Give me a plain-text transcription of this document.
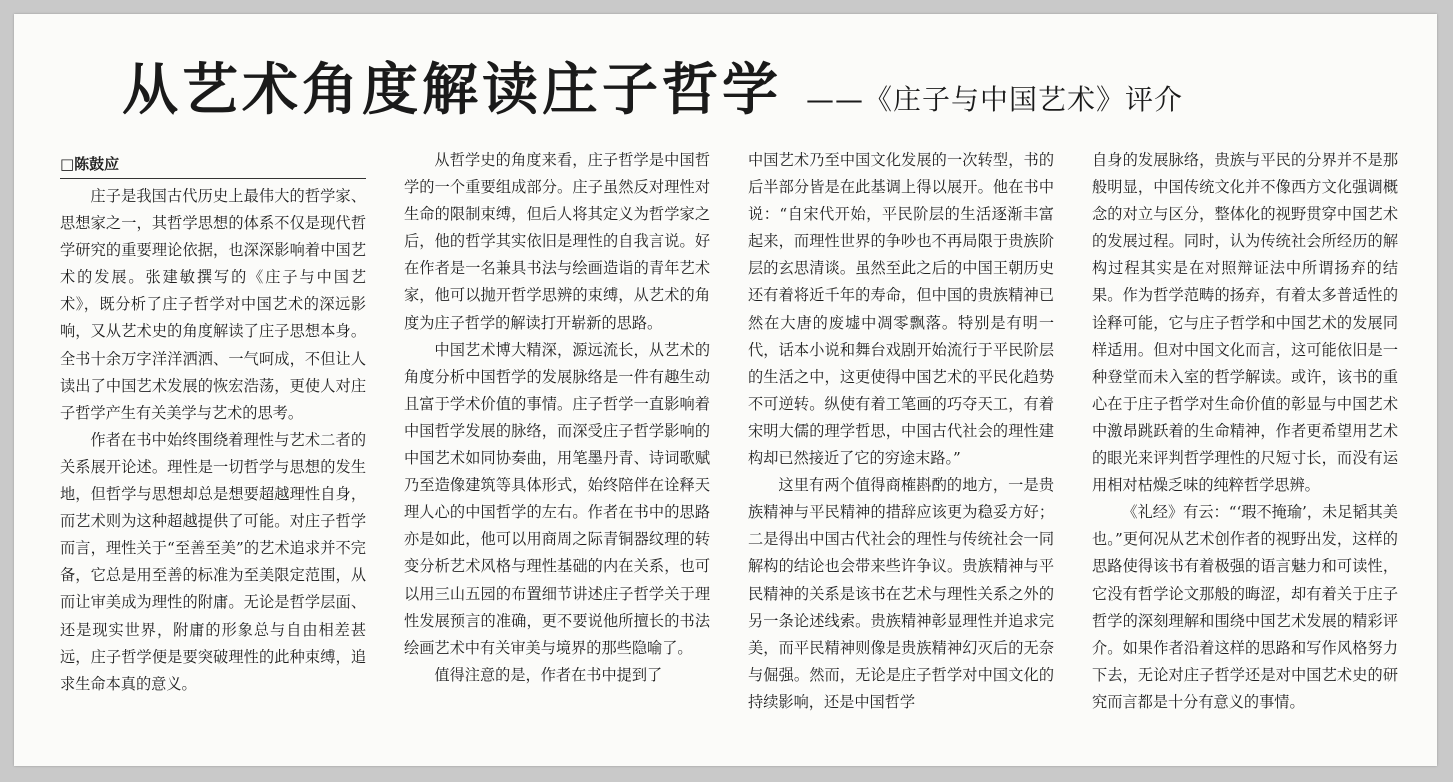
从艺术角度解读庄子哲学 ——《庄子与中国艺术》评介
□陈鼓应

庄子是我国古代历史上最伟大的哲学家、思想家之一，其哲学思想的体系不仅是现代哲学研究的重要理论依据，也深深影响着中国艺术的发展。张建敏撰写的《庄子与中国艺术》，既分析了庄子哲学对中国艺术的深远影响，又从艺术史的角度解读了庄子思想本身。全书十余万字洋洋洒洒、一气呵成，不但让人读出了中国艺术发展的恢宏浩荡，更使人对庄子哲学产生有关美学与艺术的思考。

作者在书中始终围绕着理性与艺术二者的关系展开论述。理性是一切哲学与思想的发生地，但哲学与思想却总是想要超越理性自身，而艺术则为这种超越提供了可能。对庄子哲学而言，理性关于“至善至美”的艺术追求并不完备，它总是用至善的标准为至美限定范围，从而让审美成为理性的附庸。无论是哲学层面、还是现实世界，附庸的形象总与自由相差甚远，庄子哲学便是要突破理性的此种束缚，追求生命本真的意义。

从哲学史的角度来看，庄子哲学是中国哲学的一个重要组成部分。庄子虽然反对理性对生命的限制束缚，但后人将其定义为哲学家之后，他的哲学其实依旧是理性的自我言说。好在作者是一名兼具书法与绘画造诣的青年艺术家，他可以抛开哲学思辨的束缚，从艺术的角度为庄子哲学的解读打开崭新的思路。

中国艺术博大精深，源远流长，从艺术的角度分析中国哲学的发展脉络是一件有趣生动且富于学术价值的事情。庄子哲学一直影响着中国哲学发展的脉络，而深受庄子哲学影响的中国艺术如同协奏曲，用笔墨丹青、诗词歌赋乃至造像建筑等具体形式，始终陪伴在诠释天理人心的中国哲学的左右。作者在书中的思路亦是如此，他可以用商周之际青铜器纹理的转变分析艺术风格与理性基础的内在关系，也可以用三山五园的布置细节讲述庄子哲学关于理性发展预言的准确，更不要说他所擅长的书法绘画艺术中有关审美与境界的那些隐喻了。

值得注意的是，作者在书中提到了

中国艺术乃至中国文化发展的一次转型，书的后半部分皆是在此基调上得以展开。他在书中说：“自宋代开始，平民阶层的生活逐渐丰富起来，而理性世界的争吵也不再局限于贵族阶层的玄思清谈。虽然至此之后的中国王朝历史还有着将近千年的寿命，但中国的贵族精神已然在大唐的废墟中凋零飘落。特别是有明一代，话本小说和舞台戏剧开始流行于平民阶层的生活之中，这更使得中国艺术的平民化趋势不可逆转。纵使有着工笔画的巧夺天工，有着宋明大儒的理学哲思，中国古代社会的理性建构却已然接近了它的穷途末路。”

这里有两个值得商榷斟酌的地方，一是贵族精神与平民精神的措辞应该更为稳妥方好；二是得出中国古代社会的理性与传统社会一同解构的结论也会带来些许争议。贵族精神与平民精神的关系是该书在艺术与理性关系之外的另一条论述线索。贵族精神彰显理性并追求完美，而平民精神则像是贵族精神幻灭后的无奈与倔强。然而，无论是庄子哲学对中国文化的持续影响，还是中国哲学

自身的发展脉络，贵族与平民的分界并不是那般明显，中国传统文化并不像西方文化强调概念的对立与区分，整体化的视野贯穿中国艺术的发展过程。同时，认为传统社会所经历的解构过程其实是在对照辩证法中所谓扬弃的结果。作为哲学范畴的扬弃，有着太多普适性的诠释可能，它与庄子哲学和中国艺术的发展同样适用。但对中国文化而言，这可能依旧是一种登堂而未入室的哲学解读。或许，该书的重心在于庄子哲学对生命价值的彰显与中国艺术中激昂跳跃着的生命精神，作者更希望用艺术的眼光来评判哲学理性的尺短寸长，而没有运用相对枯燥乏味的纯粹哲学思辨。

《礼经》有云：“‘瑕不掩瑜’，未足韬其美也。”更何况从艺术创作者的视野出发，这样的思路使得该书有着极强的语言魅力和可读性，它没有哲学论文那般的晦涩，却有着关于庄子哲学的深刻理解和围绕中国艺术发展的精彩评介。如果作者沿着这样的思路和写作风格努力下去，无论对庄子哲学还是对中国艺术史的研究而言都是十分有意义的事情。
